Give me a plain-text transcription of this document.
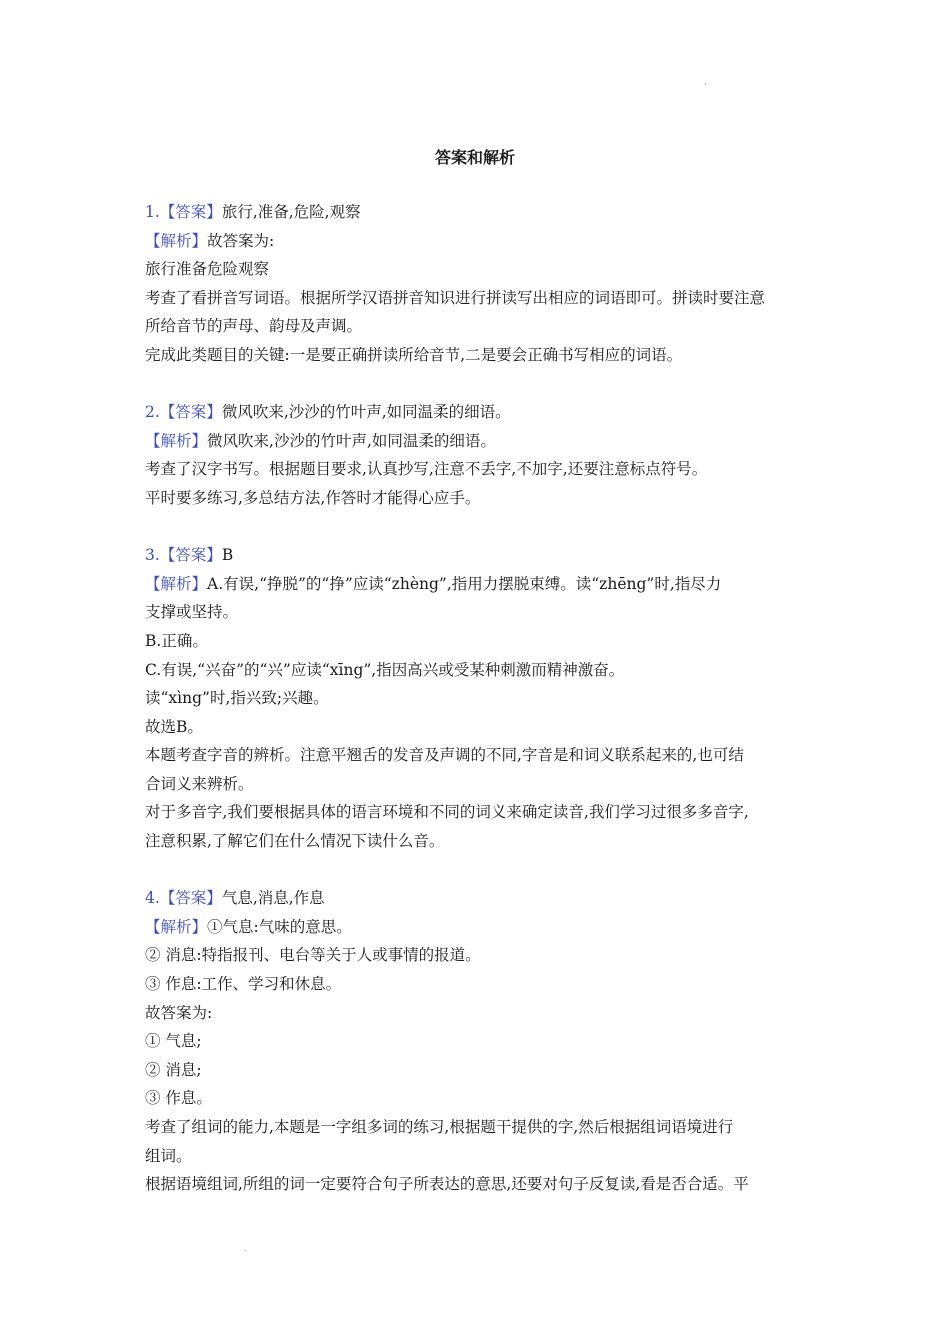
‘
答案和解析
1.【答案】旅行,准备,危险,观察
【解析】故答案为:
旅行准备危险观察
考查了看拼音写词语。根据所学汉语拼音知识进行拼读写出相应的词语即可。拼读时要注意
所给音节的声母、韵母及声调。
完成此类题目的关键:一是要正确拼读所给音节,二是要会正确书写相应的词语。
2.【答案】微风吹来,沙沙的竹叶声,如同温柔的细语。
【解析】微风吹来,沙沙的竹叶声,如同温柔的细语。
考查了汉字书写。根据题目要求,认真抄写,注意不丢字,不加字,还要注意标点符号。
平时要多练习,多总结方法,作答时才能得心应手。
3.【答案】B
【解析】A.有误,“挣脱”的“挣”应读“zhèng”,指用力摆脱束缚。读“zhēng”时,指尽力
支撑或坚持。
B.正确。
C.有误,“兴奋”的“兴”应读“xīng”,指因高兴或受某种刺激而精神激奋。
读“xìng”时,指兴致;兴趣。
故选B。
本题考查字音的辨析。注意平翘舌的发音及声调的不同,字音是和词义联系起来的,也可结
合词义来辨析。
对于多音字,我们要根据具体的语言环境和不同的词义来确定读音,我们学习过很多多音字,
注意积累,了解它们在什么情况下读什么音。
4.【答案】气息,消息,作息
【解析】①气息:气味的意思。
② 消息:特指报刊、电台等关于人或事情的报道。
③ 作息:工作、学习和休息。
故答案为:
① 气息;
② 消息;
③ 作息。
考查了组词的能力,本题是一字组多词的练习,根据题干提供的字,然后根据组词语境进行
组词。
根据语境组词,所组的词一定要符合句子所表达的意思,还要对句子反复读,看是否合适。平
-
